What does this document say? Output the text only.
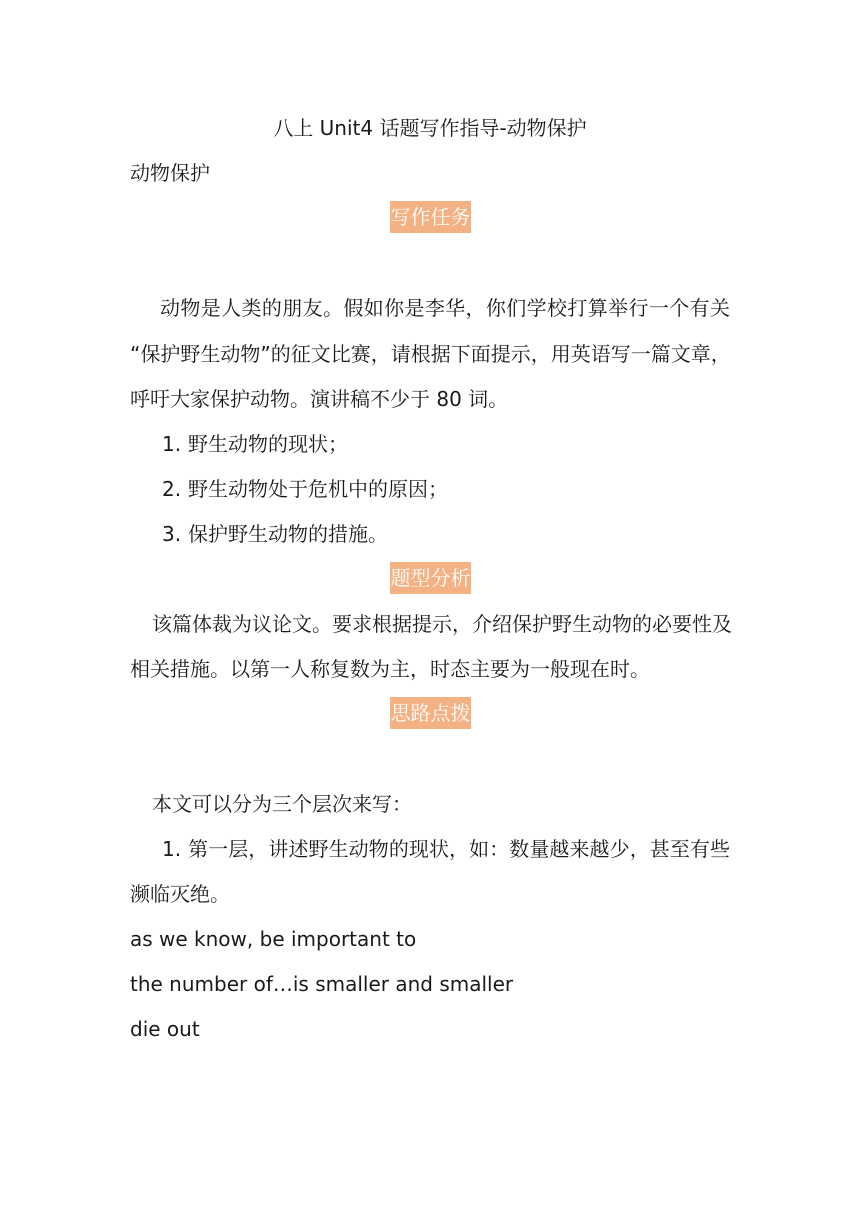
八上 Unit4 话题写作指导-动物保护
动物保护
写作任务
动物是人类的朋友。假如你是李华，你们学校打算举行一个有关
“保护野生动物”的征文比赛，请根据下面提示，用英语写一篇文章，
呼吁大家保护动物。演讲稿不少于 80 词。
1. 野生动物的现状；
2. 野生动物处于危机中的原因；
3. 保护野生动物的措施。
题型分析
该篇体裁为议论文。要求根据提示，介绍保护野生动物的必要性及
相关措施。以第一人称复数为主，时态主要为一般现在时。
思路点拨
本文可以分为三个层次来写：
1. 第一层，讲述野生动物的现状，如：数量越来越少，甚至有些
濒临灭绝。
as we know, be important to
the number of…is smaller and smaller
die out
